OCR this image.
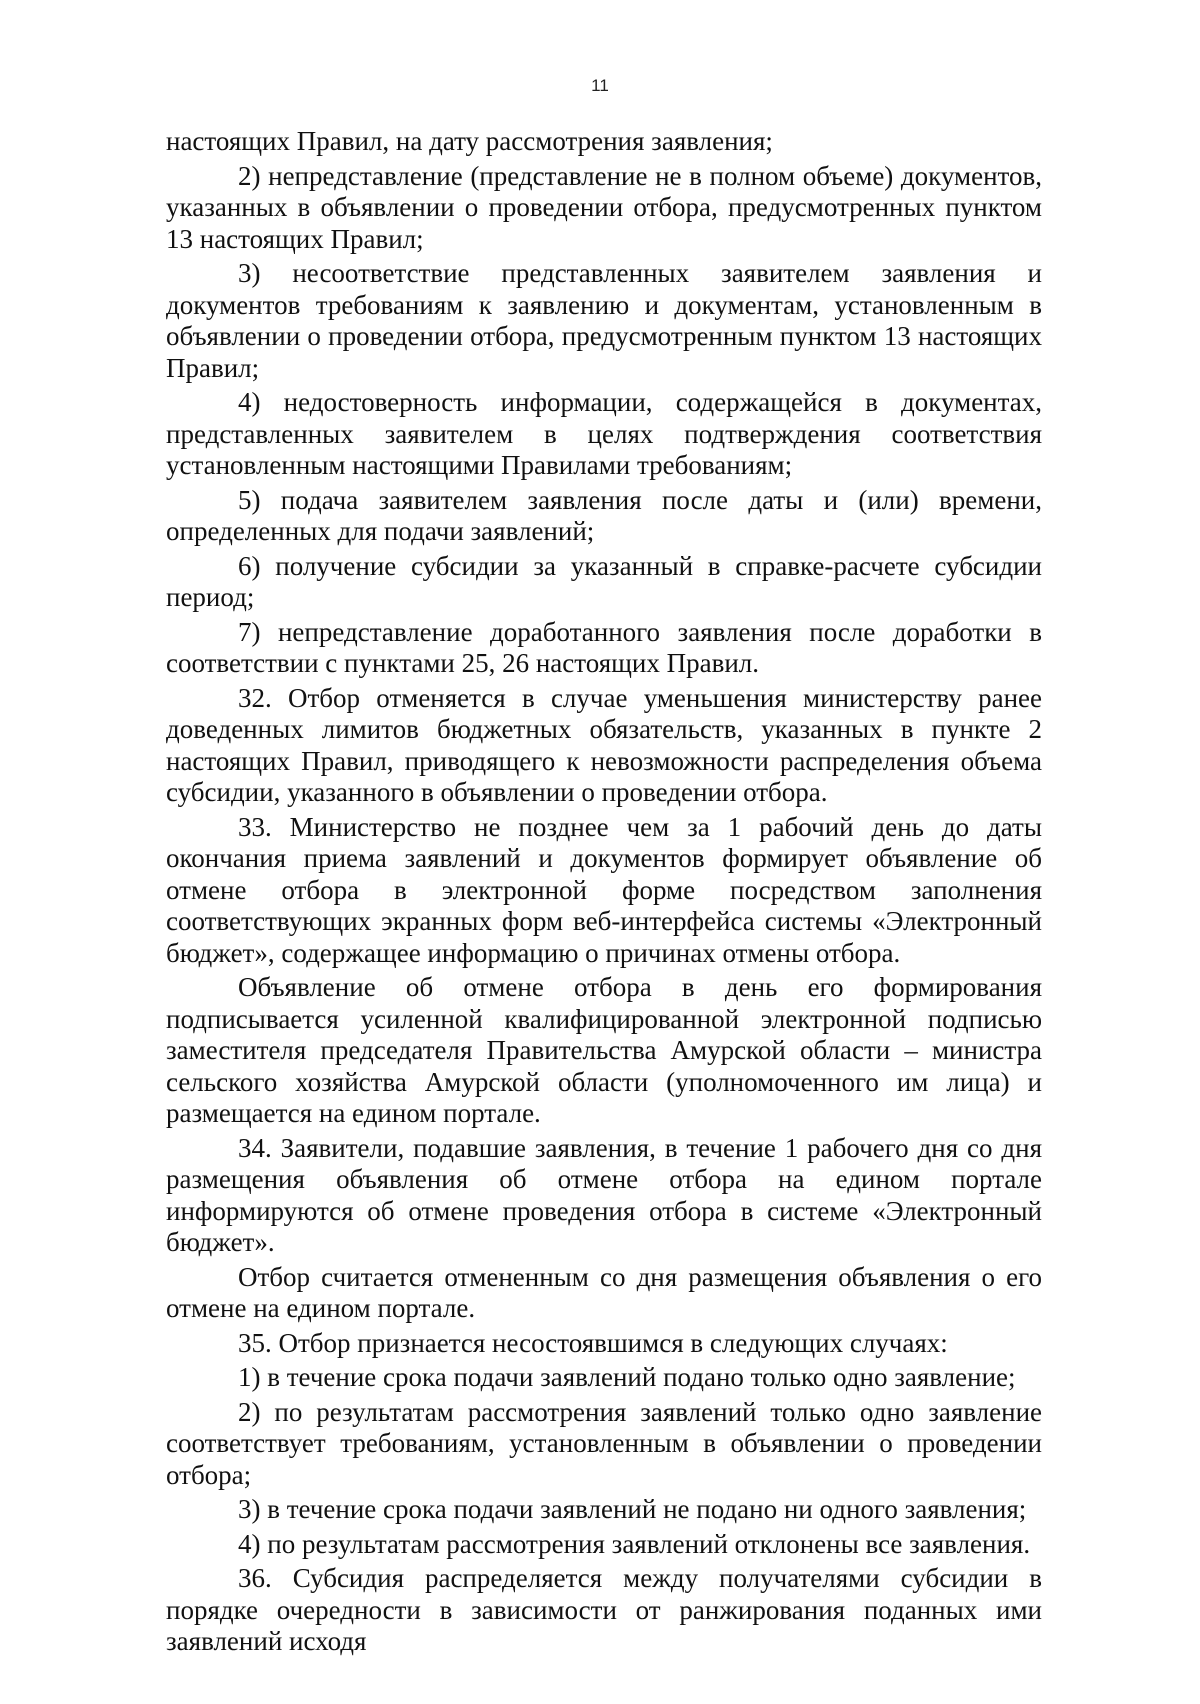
11

настоящих Правил, на дату рассмотрения заявления;

2) непредставление (представление не в полном объеме) документов, указанных в объявлении о проведении отбора, предусмотренных пунктом 13 настоящих Правил;

3) несоответствие представленных заявителем заявления и документов требованиям к заявлению и документам, установленным в объявлении о проведении отбора, предусмотренным пунктом 13 настоящих Правил;

4) недостоверность информации, содержащейся в документах, представленных заявителем в целях подтверждения соответствия установленным настоящими Правилами требованиям;

5) подача заявителем заявления после даты и (или) времени, определенных для подачи заявлений;

6) получение субсидии за указанный в справке-расчете субсидии период;

7) непредставление доработанного заявления после доработки в соответствии с пунктами 25, 26 настоящих Правил.

32. Отбор отменяется в случае уменьшения министерству ранее доведенных лимитов бюджетных обязательств, указанных в пункте 2 настоящих Правил, приводящего к невозможности распределения объема субсидии, указанного в объявлении о проведении отбора.

33. Министерство не позднее чем за 1 рабочий день до даты окончания приема заявлений и документов формирует объявление об отмене отбора в электронной форме посредством заполнения соответствующих экранных форм веб-интерфейса системы «Электронный бюджет», содержащее информацию о причинах отмены отбора.

Объявление об отмене отбора в день его формирования подписывается усиленной квалифицированной электронной подписью заместителя председателя Правительства Амурской области – министра сельского хозяйства Амурской области (уполномоченного им лица) и размещается на едином портале.

34. Заявители, подавшие заявления, в течение 1 рабочего дня со дня размещения объявления об отмене отбора на едином портале информируются об отмене проведения отбора в системе «Электронный бюджет».

Отбор считается отмененным со дня размещения объявления о его отмене на едином портале.

35. Отбор признается несостоявшимся в следующих случаях:

1) в течение срока подачи заявлений подано только одно заявление;

2) по результатам рассмотрения заявлений только одно заявление соответствует требованиям, установленным в объявлении о проведении отбора;

3) в течение срока подачи заявлений не подано ни одного заявления;

4) по результатам рассмотрения заявлений отклонены все заявления.

36. Субсидия распределяется между получателями субсидии в порядке очередности в зависимости от ранжирования поданных ими заявлений исходя
